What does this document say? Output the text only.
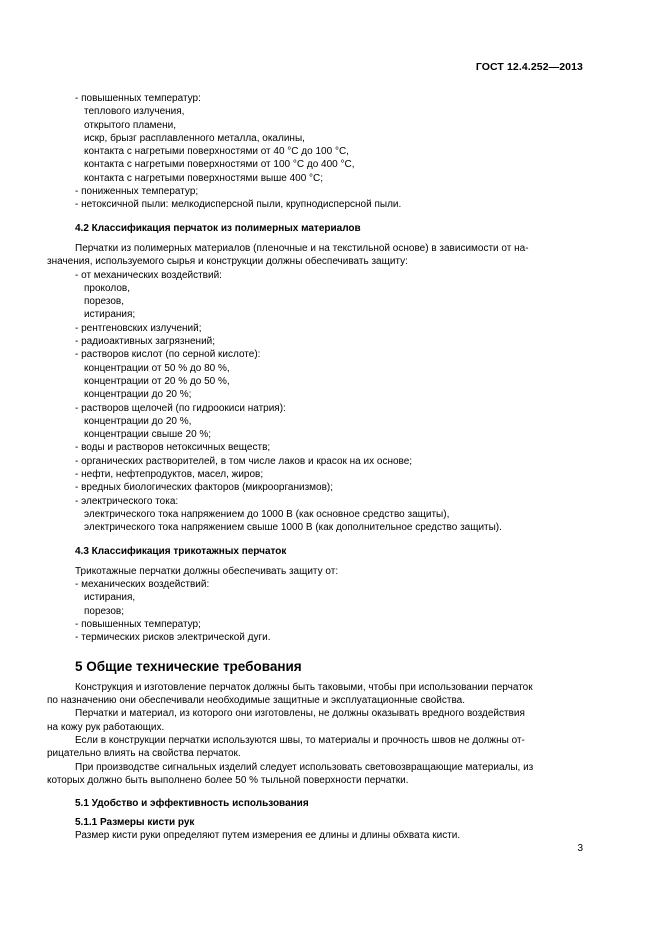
ГОСТ 12.4.252—2013
- повышенных температур:
теплового излучения,
открытого пламени,
искр, брызг расплавленного металла, окалины,
контакта с нагретыми поверхностями от 40 °С до 100 °С,
контакта с нагретыми поверхностями от 100 °С до 400 °С,
контакта с нагретыми поверхностями выше 400 °С;
- пониженных температур;
- нетоксичной пыли: мелкодисперсной пыли, крупнодисперсной пыли.
4.2 Классификация перчаток из полимерных материалов
Перчатки из полимерных материалов (пленочные и на текстильной основе) в зависимости от на-
значения, используемого сырья и конструкции должны обеспечивать защиту:
- от механических воздействий:
проколов,
порезов,
истирания;
- рентгеновских излучений;
- радиоактивных загрязнений;
- растворов кислот (по серной кислоте):
концентрации от 50 % до 80 %,
концентрации от 20 % до 50 %,
концентрации до 20 %;
- растворов щелочей (по гидроокиси натрия):
концентрации до 20 %,
концентрации свыше 20 %;
- воды и растворов нетоксичных веществ;
- органических растворителей, в том числе лаков и красок на их основе;
- нефти, нефтепродуктов, масел, жиров;
- вредных биологических факторов (микроорганизмов);
- электрического тока:
электрического тока напряжением до 1000 В (как основное средство защиты),
электрического тока напряжением свыше 1000 В (как дополнительное средство защиты).
4.3 Классификация трикотажных перчаток
Трикотажные перчатки должны обеспечивать защиту от:
- механических воздействий:
истирания,
порезов;
- повышенных температур;
- термических рисков электрической дуги.
5 Общие технические требования
Конструкция и изготовление перчаток должны быть таковыми, чтобы при использовании перчаток
по назначению они обеспечивали необходимые защитные и эксплуатационные свойства.
Перчатки и материал, из которого они изготовлены, не должны оказывать вредного воздействия
на кожу рук работающих.
Если в конструкции перчатки используются швы, то материалы и прочность швов не должны от-
рицательно влиять на свойства перчаток.
При производстве сигнальных изделий следует использовать световозвращающие материалы, из
которых должно быть выполнено более 50 % тыльной поверхности перчатки.
5.1 Удобство и эффективность использования
5.1.1 Размеры кисти рук
Размер кисти руки определяют путем измерения ее длины и длины обхвата кисти.
3
